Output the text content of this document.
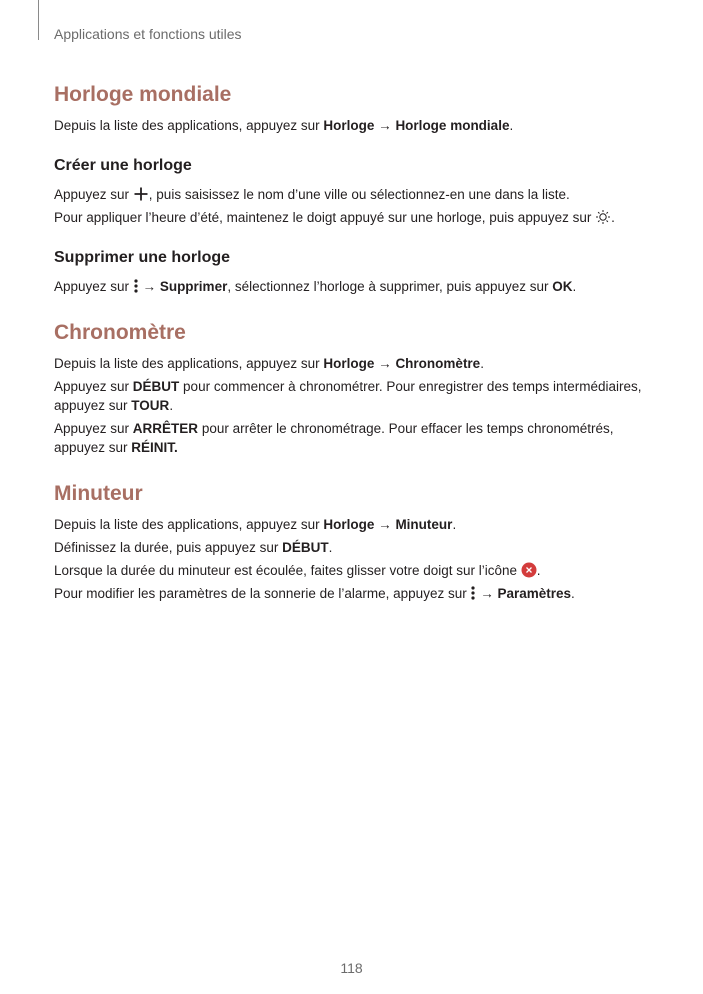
Applications et fonctions utiles
Horloge mondiale

Depuis la liste des applications, appuyez sur Horloge → Horloge mondiale.

Créer une horloge

Appuyez sur , puis saisissez le nom d’une ville ou sélectionnez-en une dans la liste.

Pour appliquer l’heure d’été, maintenez le doigt appuyé sur une horloge, puis appuyez sur .

Supprimer une horloge

Appuyez sur  → Supprimer, sélectionnez l’horloge à supprimer, puis appuyez sur OK.

Chronomètre

Depuis la liste des applications, appuyez sur Horloge → Chronomètre.

Appuyez sur DÉBUT pour commencer à chronométrer. Pour enregistrer des temps intermédiaires, appuyez sur TOUR.

Appuyez sur ARRÊTER pour arrêter le chronométrage. Pour effacer les temps chronométrés, appuyez sur RÉINIT.

Minuteur

Depuis la liste des applications, appuyez sur Horloge → Minuteur.

Définissez la durée, puis appuyez sur DÉBUT.

Lorsque la durée du minuteur est écoulée, faites glisser votre doigt sur l’icône .

Pour modifier les paramètres de la sonnerie de l’alarme, appuyez sur  → Paramètres.

118
